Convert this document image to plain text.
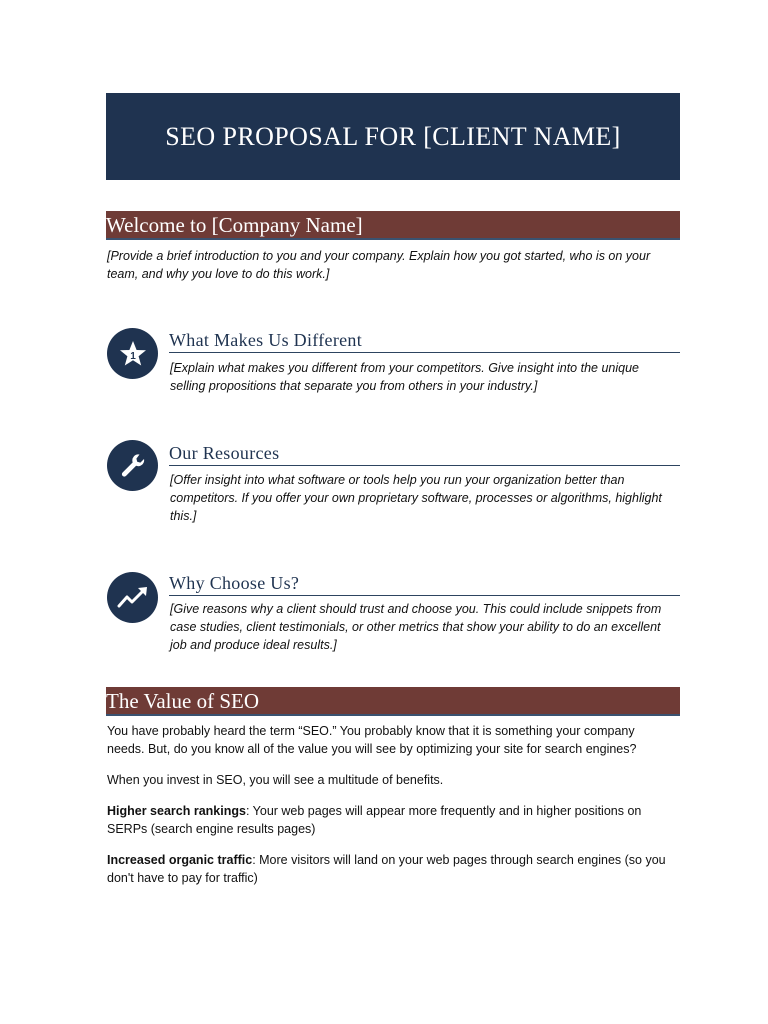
SEO PROPOSAL FOR [CLIENT NAME]
Welcome to [Company Name]

[Provide a brief introduction to you and your company. Explain how you got started, who is on your team, and why you love to do this work.]

1
What Makes Us Different

[Explain what makes you different from your competitors. Give insight into the unique selling propositions that separate you from others in your industry.]

Our Resources

[Offer insight into what software or tools help you run your organization better than competitors. If you offer your own proprietary software, processes or algorithms, highlight this.]

Why Choose Us?

[Give reasons why a client should trust and choose you. This could include snippets from case studies, client testimonials, or other metrics that show your ability to do an excellent job and produce ideal results.]

The Value of SEO

You have probably heard the term “SEO.” You probably know that it is something your company needs. But, do you know all of the value you will see by optimizing your site for search engines?

When you invest in SEO, you will see a multitude of benefits.

Higher search rankings: Your web pages will appear more frequently and in higher positions on SERPs (search engine results pages)

Increased organic traffic: More visitors will land on your web pages through search engines (so you don't have to pay for traffic)
